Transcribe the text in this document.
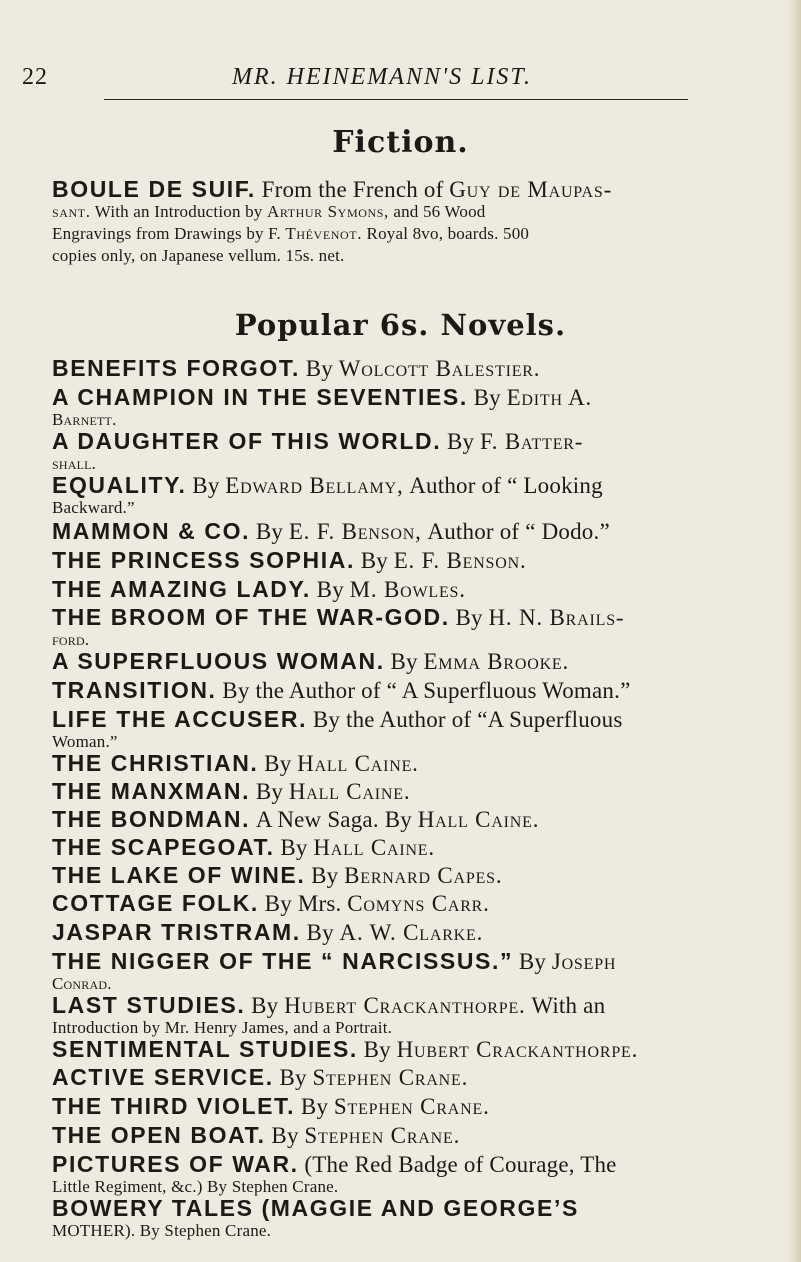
22	MR. HEINEMANN'S LIST.
Fiction.
BOULE DE SUIF. From the French of Guy de Maupas-
sant. With an Introduction by Arthur Symons, and 56 Wood
Engravings from Drawings by F. Thévenot. Royal 8vo, boards. 500
copies only, on Japanese vellum. 15s. net.
Popular 6s. Novels.
BENEFITS FORGOT. By Wolcott Balestier.
A CHAMPION IN THE SEVENTIES. By Edith A.
Barnett.
A DAUGHTER OF THIS WORLD. By F. Batter-
shall.
EQUALITY. By Edward Bellamy, Author of “ Looking
Backward.”
MAMMON & CO. By E. F. Benson, Author of “ Dodo.”
THE PRINCESS SOPHIA. By E. F. Benson.
THE AMAZING LADY. By M. Bowles.
THE BROOM OF THE WAR-GOD. By H. N. Brails-
ford.
A SUPERFLUOUS WOMAN. By Emma Brooke.
TRANSITION. By the Author of “ A Superfluous Woman.”
LIFE THE ACCUSER. By the Author of “A Superfluous
Woman.”
THE CHRISTIAN. By Hall Caine.
THE MANXMAN. By Hall Caine.
THE BONDMAN. A New Saga. By Hall Caine.
THE SCAPEGOAT. By Hall Caine.
THE LAKE OF WINE. By Bernard Capes.
COTTAGE FOLK. By Mrs. Comyns Carr.
JASPAR TRISTRAM. By A. W. Clarke.
THE NIGGER OF THE “ NARCISSUS.” By Joseph
Conrad.
LAST STUDIES. By Hubert Crackanthorpe. With an
Introduction by Mr. Henry James, and a Portrait.
SENTIMENTAL STUDIES. By Hubert Crackanthorpe.
ACTIVE SERVICE. By Stephen Crane.
THE THIRD VIOLET. By Stephen Crane.
THE OPEN BOAT. By Stephen Crane.
PICTURES OF WAR. (The Red Badge of Courage, The
Little Regiment, &c.) By Stephen Crane.
BOWERY TALES (MAGGIE AND GEORGE’S
MOTHER). By Stephen Crane.
